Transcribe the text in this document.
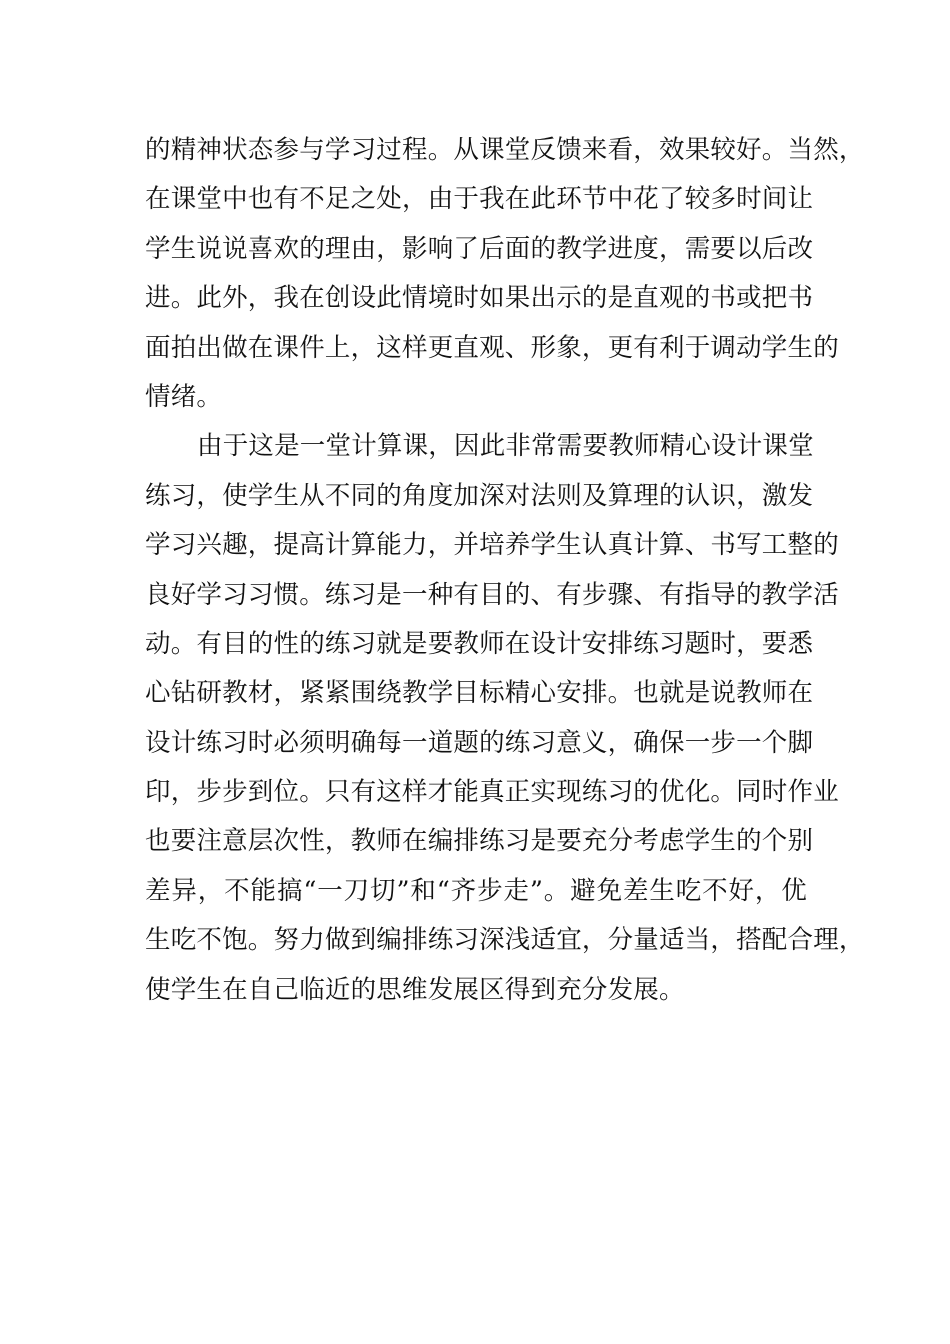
的精神状态参与学习过程。从课堂反馈来看，效果较好。当然，
在课堂中也有不足之处，由于我在此环节中花了较多时间让
学生说说喜欢的理由，影响了后面的教学进度，需要以后改
进。此外，我在创设此情境时如果出示的是直观的书或把书
面拍出做在课件上，这样更直观、形象，更有利于调动学生的
情绪。
由于这是一堂计算课，因此非常需要教师精心设计课堂
练习，使学生从不同的角度加深对法则及算理的认识，激发
学习兴趣，提高计算能力，并培养学生认真计算、书写工整的
良好学习习惯。练习是一种有目的、有步骤、有指导的教学活
动。有目的性的练习就是要教师在设计安排练习题时，要悉
心钻研教材，紧紧围绕教学目标精心安排。也就是说教师在
设计练习时必须明确每一道题的练习意义，确保一步一个脚
印，步步到位。只有这样才能真正实现练习的优化。同时作业
也要注意层次性，教师在编排练习是要充分考虑学生的个别
差异，不能搞“一刀切”和“齐步走”。避免差生吃不好，优
生吃不饱。努力做到编排练习深浅适宜，分量适当，搭配合理，
使学生在自己临近的思维发展区得到充分发展。
